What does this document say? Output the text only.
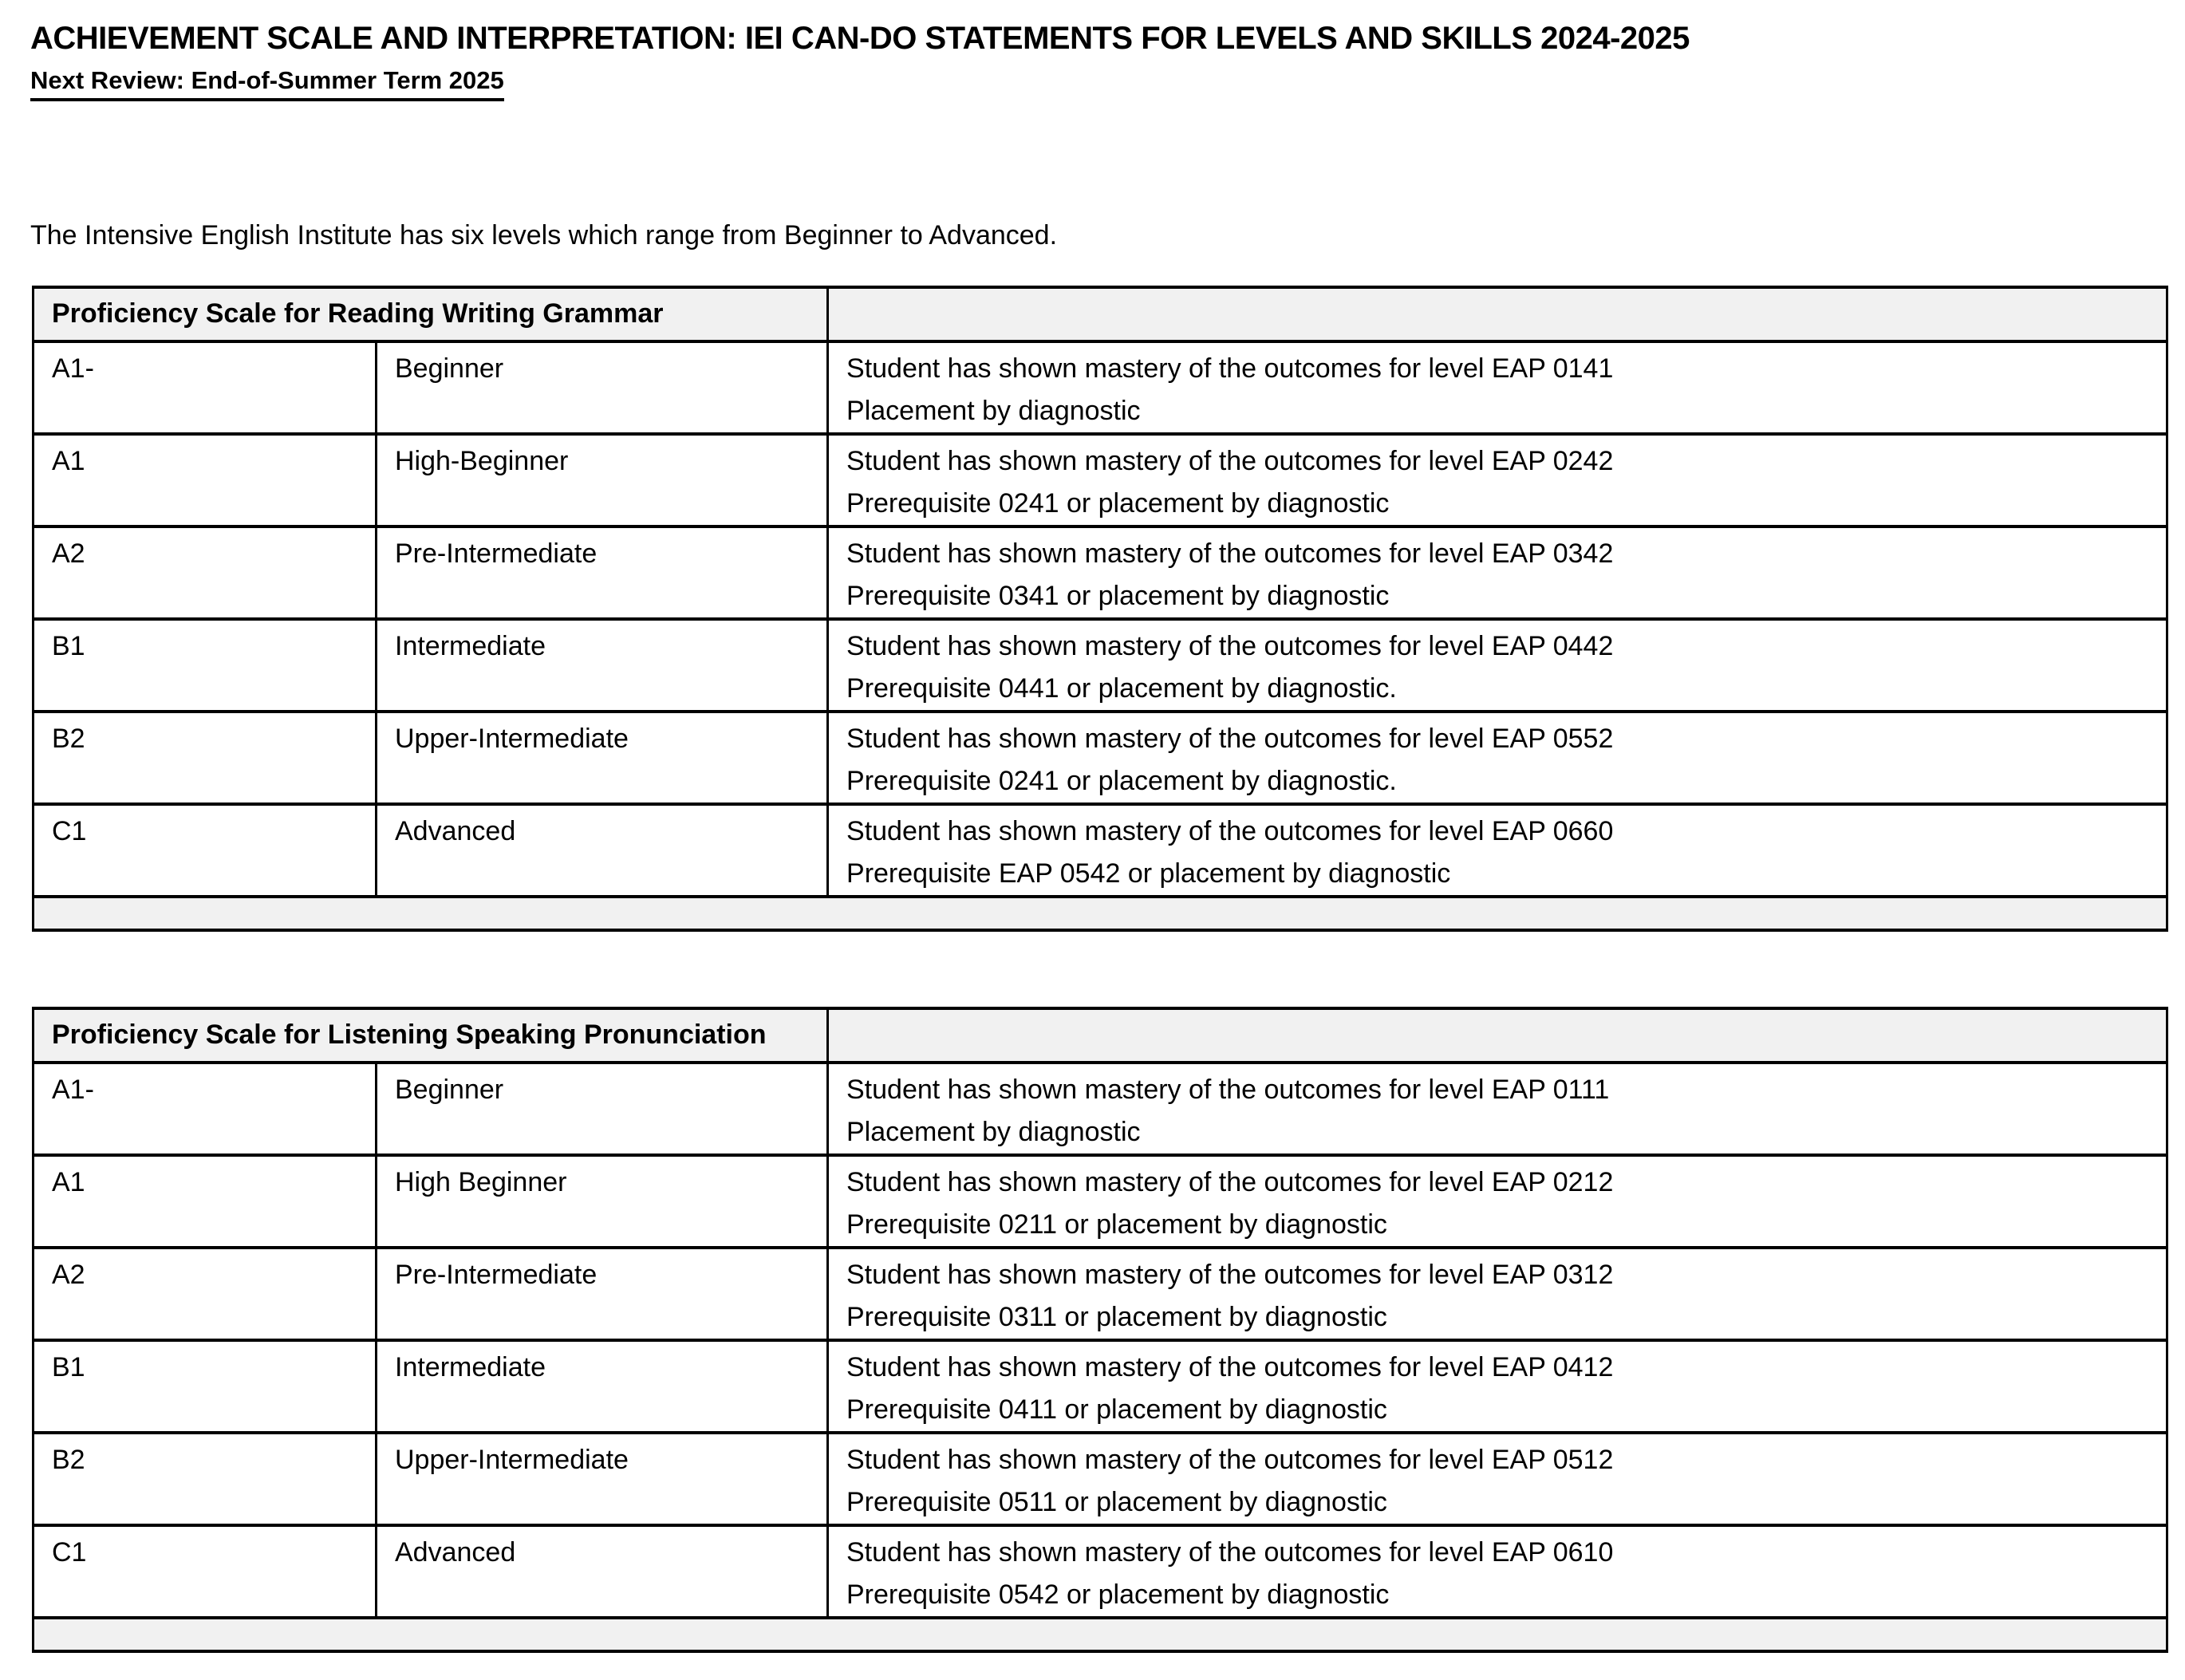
ACHIEVEMENT SCALE AND INTERPRETATION: IEI CAN-DO STATEMENTS FOR LEVELS AND SKILLS 2024-2025
Next Review: End-of-Summer Term 2025

The Intensive English Institute has six levels which range from Beginner to Advanced.

Proficiency Scale for Reading Writing Grammar		
A1-	Beginner	Student has shown mastery of the outcomes for level EAP 0141
Placement by diagnostic

A1	High-Beginner	Student has shown mastery of the outcomes for level EAP 0242
Prerequisite 0241 or placement by diagnostic

A2	Pre-Intermediate	Student has shown mastery of the outcomes for level EAP 0342
Prerequisite 0341 or placement by diagnostic

B1	Intermediate	Student has shown mastery of the outcomes for level EAP 0442
Prerequisite 0441 or placement by diagnostic.

B2	Upper-Intermediate	Student has shown mastery of the outcomes for level EAP 0552
Prerequisite 0241 or placement by diagnostic.

C1	Advanced	Student has shown mastery of the outcomes for level EAP 0660
Prerequisite EAP 0542 or placement by diagnostic

Proficiency Scale for Listening Speaking Pronunciation		
A1-	Beginner	Student has shown mastery of the outcomes for level EAP 0111
Placement by diagnostic

A1	High Beginner	Student has shown mastery of the outcomes for level EAP 0212
Prerequisite 0211 or placement by diagnostic

A2	Pre-Intermediate	Student has shown mastery of the outcomes for level EAP 0312
Prerequisite 0311 or placement by diagnostic

B1	Intermediate	Student has shown mastery of the outcomes for level EAP 0412
Prerequisite 0411 or placement by diagnostic

B2	Upper-Intermediate	Student has shown mastery of the outcomes for level EAP 0512
Prerequisite 0511 or placement by diagnostic

C1	Advanced	Student has shown mastery of the outcomes for level EAP 0610
Prerequisite 0542 or placement by diagnostic
